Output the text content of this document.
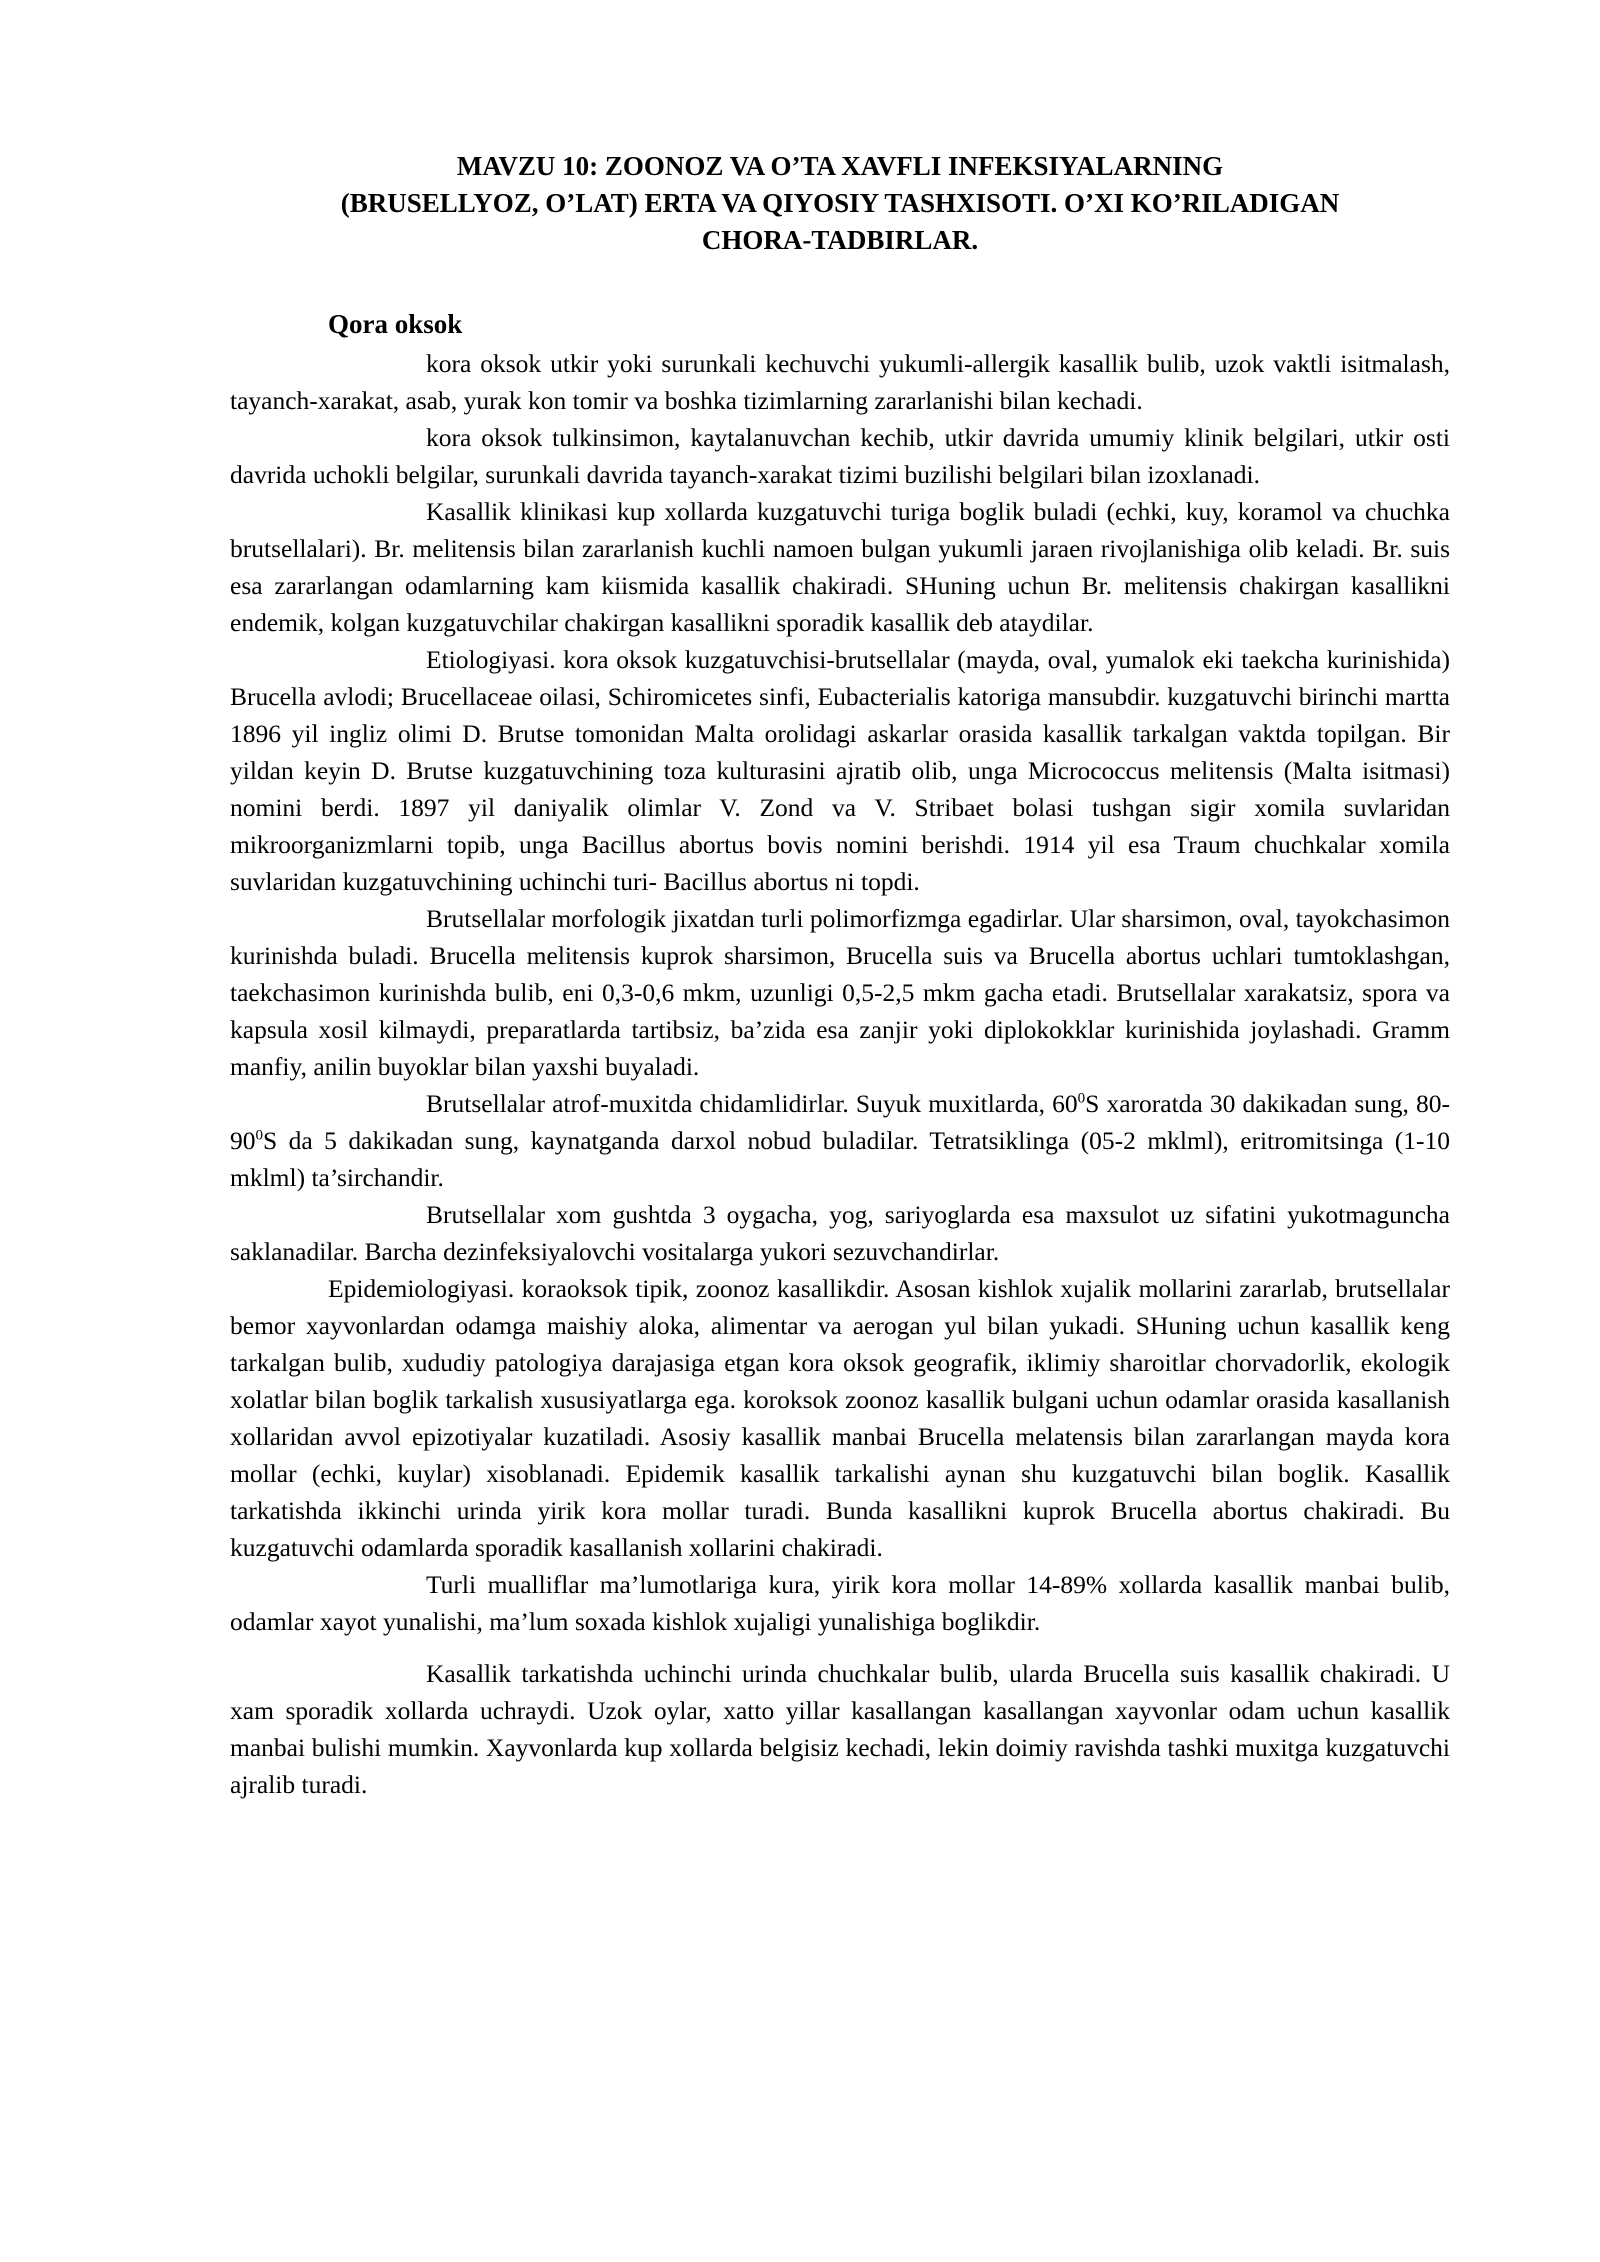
MAVZU 10: ZOONOZ VA O’TA XAVFLI INFEKSIYALARNING
(BRUSELLYOZ, O’LAT) ERTA VA QIYOSIY TASHXISOTI. O’XI KO’RILADIGAN
CHORA-TADBIRLAR.
Qora oksok

kora oksok utkir yoki surunkali kechuvchi yukumli-allergik kasallik bulib, uzok vaktli isitmalash, tayanch-xarakat, asab, yurak kon tomir va boshka tizimlarning zararlanishi bilan kechadi.

kora oksok tulkinsimon, kaytalanuvchan kechib, utkir davrida umumiy klinik belgilari, utkir osti davrida uchokli belgilar, surunkali davrida tayanch-xarakat tizimi buzilishi belgilari bilan izoxlanadi.

Kasallik klinikasi kup xollarda kuzgatuvchi turiga boglik buladi (echki, kuy, koramol va chuchka brutsellalari). Br. melitensis bilan zararlanish kuchli namoen bulgan yukumli jaraen rivojlanishiga olib keladi. Br. suis esa zararlangan odamlarning kam kiismida kasallik chakiradi. SHuning uchun Br. melitensis chakirgan kasallikni endemik, kolgan kuzgatuvchilar chakirgan kasallikni sporadik kasallik deb ataydilar.

Etiologiyasi. kora oksok kuzgatuvchisi-brutsellalar (mayda, oval, yumalok eki taekcha kurinishida) Brucella avlodi; Brucellaceae oilasi, Schiromicetes sinfi, Eubacterialis katoriga mansubdir. kuzgatuvchi birinchi martta 1896 yil ingliz olimi D. Brutse tomonidan Malta orolidagi askarlar orasida kasallik tarkalgan vaktda topilgan. Bir yildan keyin D. Brutse kuzgatuvchining toza kulturasini ajratib olib, unga Micrococcus melitensis (Malta isitmasi) nomini berdi. 1897 yil daniyalik olimlar V. Zond va V. Stribaet bolasi tushgan sigir xomila suvlaridan mikroorganizmlarni topib, unga Bacillus abortus bovis nomini berishdi. 1914 yil esa Traum chuchkalar xomila suvlaridan kuzgatuvchining uchinchi turi- Bacillus abortus ni topdi.

Brutsellalar morfologik jixatdan turli polimorfizmga egadirlar. Ular sharsimon, oval, tayokchasimon kurinishda buladi. Brucella melitensis kuprok sharsimon, Brucella suis va Brucella abortus uchlari tumtoklashgan, taekchasimon kurinishda bulib, eni 0,3-0,6 mkm, uzunligi 0,5-2,5 mkm gacha etadi. Brutsellalar xarakatsiz, spora va kapsula xosil kilmaydi, preparatlarda tartibsiz, ba’zida esa zanjir yoki diplokokklar kurinishida joylashadi. Gramm manfiy, anilin buyoklar bilan yaxshi buyaladi.

Brutsellalar atrof-muxitda chidamlidirlar. Suyuk muxitlarda, $60^0S$ xaroratda 30 dakikadan sung, $80-90^0S$ da 5 dakikadan sung, kaynatganda darxol nobud buladilar. Tetratsiklinga (05-2 mklml), eritromitsinga (1-10 mklml) ta’sirchandir.

Brutsellalar xom gushtda 3 oygacha, yog, sariyoglarda esa maxsulot uz sifatini yukotmaguncha saklanadilar. Barcha dezinfeksiyalovchi vositalarga yukori sezuvchandirlar.

Epidemiologiyasi. koraoksok tipik, zoonoz kasallikdir. Asosan kishlok xujalik mollarini zararlab, brutsellalar bemor xayvonlardan odamga maishiy aloka, alimentar va aerogan yul bilan yukadi. SHuning uchun kasallik keng tarkalgan bulib, xududiy patologiya darajasiga etgan kora oksok geografik, iklimiy sharoitlar chorvadorlik, ekologik xolatlar bilan boglik tarkalish xususiyatlarga ega. koroksok zoonoz kasallik bulgani uchun odamlar orasida kasallanish xollaridan avvol epizotiyalar kuzatiladi. Asosiy kasallik manbai Brucella melatensis bilan zararlangan mayda kora mollar (echki, kuylar) xisoblanadi. Epidemik kasallik tarkalishi aynan shu kuzgatuvchi bilan boglik. Kasallik tarkatishda ikkinchi urinda yirik kora mollar turadi. Bunda kasallikni kuprok Brucella abortus chakiradi. Bu kuzgatuvchi odamlarda sporadik kasallanish xollarini chakiradi.

Turli mualliflar ma’lumotlariga kura, yirik kora mollar 14-89% xollarda kasallik manbai bulib, odamlar xayot yunalishi, ma’lum soxada kishlok xujaligi yunalishiga boglikdir.

Kasallik tarkatishda uchinchi urinda chuchkalar bulib, ularda Brucella suis kasallik chakiradi. U xam sporadik xollarda uchraydi. Uzok oylar, xatto yillar kasallangan kasallangan xayvonlar odam uchun kasallik manbai bulishi mumkin. Xayvonlarda kup xollarda belgisiz kechadi, lekin doimiy ravishda tashki muxitga kuzgatuvchi ajralib turadi.
